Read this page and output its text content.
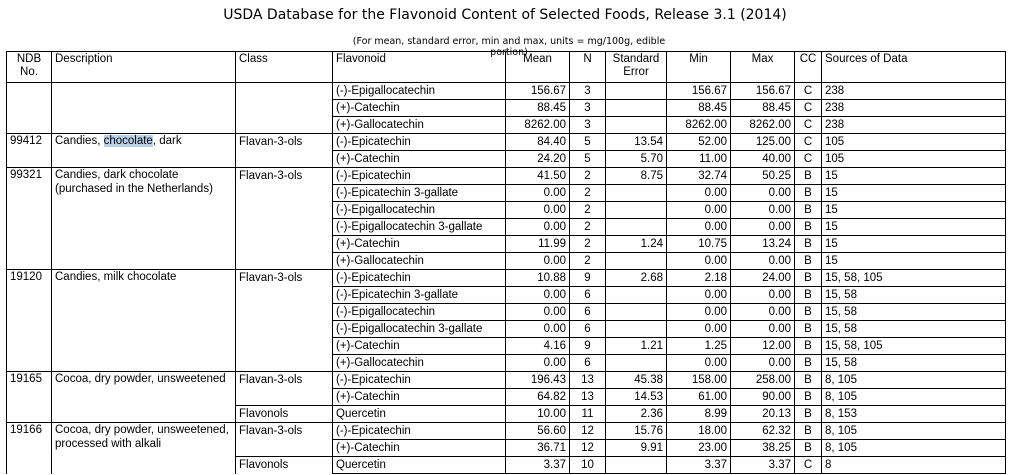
USDA Database for the Flavonoid Content of Selected Foods, Release 3.1 (2014)
(For mean, standard error, min and max, units = mg/100g, edible portion)
NDB No.	Description	Class	Flavonoid	Mean	N	Standard Error	Min	Max	CC	Sources of Data
			(-)-Epigallocatechin	156.67	3		156.67	156.67	C	238
			(+)-Catechin	88.45	3		88.45	88.45	C	238
			(+)-Gallocatechin	8262.00	3		8262.00	8262.00	C	238
99412	Candies, chocolate, dark	Flavan-3-ols	(-)-Epicatechin	84.40	5	13.54	52.00	125.00	C	105
			(+)-Catechin	24.20	5	5.70	11.00	40.00	C	105
99321	Candies, dark chocolate (purchased in the Netherlands)	Flavan-3-ols	(-)-Epicatechin	41.50	2	8.75	32.74	50.25	B	15
			(-)-Epicatechin 3-gallate	0.00	2		0.00	0.00	B	15
			(-)-Epigallocatechin	0.00	2		0.00	0.00	B	15
			(-)-Epigallocatechin 3-gallate	0.00	2		0.00	0.00	B	15
			(+)-Catechin	11.99	2	1.24	10.75	13.24	B	15
			(+)-Gallocatechin	0.00	2		0.00	0.00	B	15
19120	Candies, milk chocolate	Flavan-3-ols	(-)-Epicatechin	10.88	9	2.68	2.18	24.00	B	15, 58, 105
			(-)-Epicatechin 3-gallate	0.00	6		0.00	0.00	B	15, 58
			(-)-Epigallocatechin	0.00	6		0.00	0.00	B	15, 58
			(-)-Epigallocatechin 3-gallate	0.00	6		0.00	0.00	B	15, 58
			(+)-Catechin	4.16	9	1.21	1.25	12.00	B	15, 58, 105
			(+)-Gallocatechin	0.00	6		0.00	0.00	B	15, 58
19165	Cocoa, dry powder, unsweetened	Flavan-3-ols	(-)-Epicatechin	196.43	13	45.38	158.00	258.00	B	8, 105
			(+)-Catechin	64.82	13	14.53	61.00	90.00	B	8, 105
		Flavonols	Quercetin	10.00	11	2.36	8.99	20.13	B	8, 153
19166	Cocoa, dry powder, unsweetened, processed with alkali	Flavan-3-ols	(-)-Epicatechin	56.60	12	15.76	18.00	62.32	B	8, 105
			(+)-Catechin	36.71	12	9.91	23.00	38.25	B	8, 105
		Flavonols	Quercetin	3.37	10		3.37	3.37	C	8
